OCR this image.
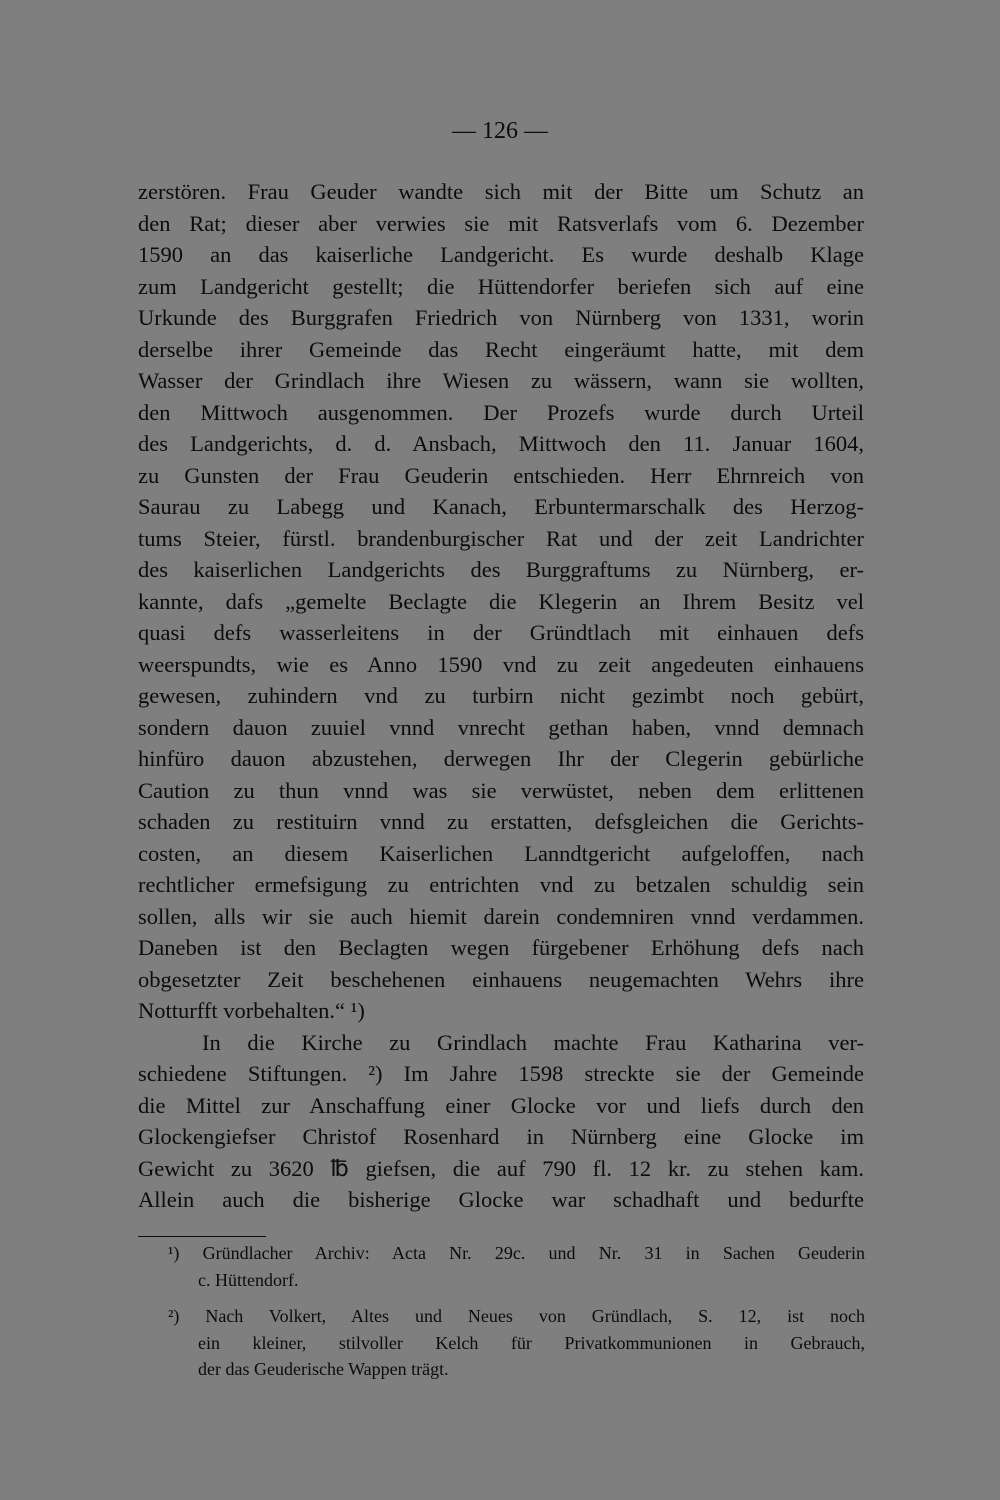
— 126 —
zerstören. Frau Geuder wandte sich mit der Bitte um Schutz an
den Rat; dieser aber verwies sie mit Ratsverlafs vom 6. Dezember
1590 an das kaiserliche Landgericht. Es wurde deshalb Klage
zum Landgericht gestellt; die Hüttendorfer beriefen sich auf eine
Urkunde des Burggrafen Friedrich von Nürnberg von 1331, worin
derselbe ihrer Gemeinde das Recht eingeräumt hatte, mit dem
Wasser der Grindlach ihre Wiesen zu wässern, wann sie wollten,
den Mittwoch ausgenommen. Der Prozefs wurde durch Urteil
des Landgerichts, d. d. Ansbach, Mittwoch den 11. Januar 1604,
zu Gunsten der Frau Geuderin entschieden. Herr Ehrnreich von
Saurau zu Labegg und Kanach, Erbuntermarschalk des Herzog-
tums Steier, fürstl. brandenburgischer Rat und der zeit Landrichter
des kaiserlichen Landgerichts des Burggraftums zu Nürnberg, er-
kannte, dafs „gemelte Beclagte die Klegerin an Ihrem Besitz vel
quasi defs wasserleitens in der Gründtlach mit einhauen defs
weerspundts, wie es Anno 1590 vnd zu zeit angedeuten einhauens
gewesen, zuhindern vnd zu turbirn nicht gezimbt noch gebürt,
sondern dauon zuuiel vnnd vnrecht gethan haben, vnnd demnach
hinfüro dauon abzustehen, derwegen Ihr der Clegerin gebürliche
Caution zu thun vnnd was sie verwüstet, neben dem erlittenen
schaden zu restituirn vnnd zu erstatten, defsgleichen die Gerichts-
costen, an diesem Kaiserlichen Lanndtgericht aufgeloffen, nach
rechtlicher ermefsigung zu entrichten vnd zu betzalen schuldig sein
sollen, alls wir sie auch hiemit darein condemniren vnnd verdammen.
Daneben ist den Beclagten wegen fürgebener Erhöhung defs nach
obgesetzter Zeit beschehenen einhauens neugemachten Wehrs ihre
Notturfft vorbehalten.“ ¹)
In die Kirche zu Grindlach machte Frau Katharina ver-
schiedene Stiftungen. ²) Im Jahre 1598 streckte sie der Gemeinde
die Mittel zur Anschaffung einer Glocke vor und liefs durch den
Glockengiefser Christof Rosenhard in Nürnberg eine Glocke im
Gewicht zu 3620 ℔ giefsen, die auf 790 fl. 12 kr. zu stehen kam.
Allein auch die bisherige Glocke war schadhaft und bedurfte
¹) Gründlacher Archiv: Acta Nr. 29c. und Nr. 31 in Sachen Geuderin
c. Hüttendorf.
²) Nach Volkert, Altes und Neues von Gründlach, S. 12, ist noch
ein kleiner, stilvoller Kelch für Privatkommunionen in Gebrauch,
der das Geuderische Wappen trägt.
